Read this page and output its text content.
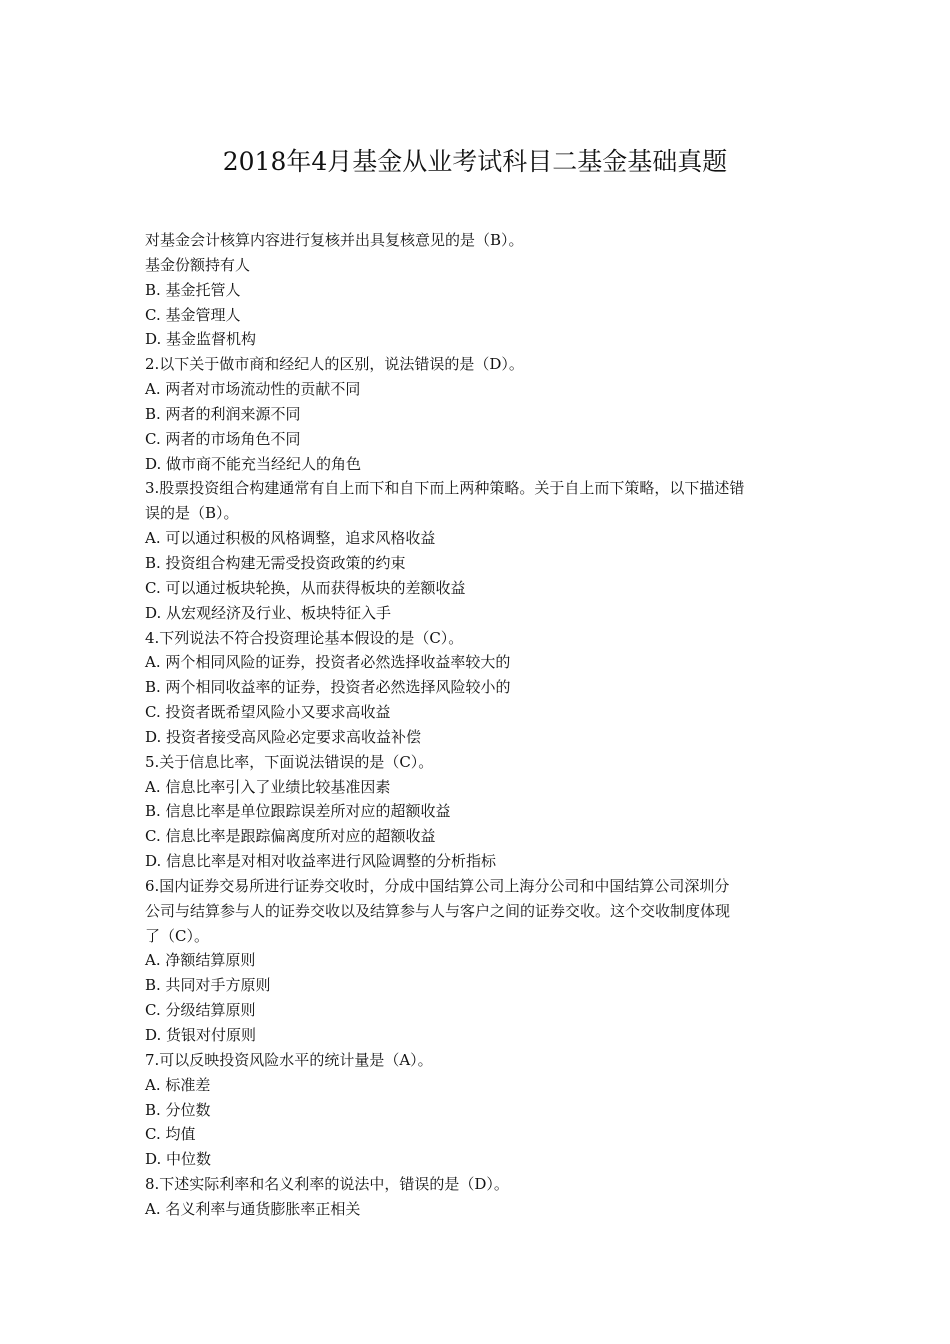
2018年4月基金从业考试科目二基金基础真题

对基金会计核算内容进行复核并出具复核意见的是（B）。

基金份额持有人

B. 基金托管人

C. 基金管理人

D. 基金监督机构

2.以下关于做市商和经纪人的区别，说法错误的是（D）。

A. 两者对市场流动性的贡献不同

B. 两者的利润来源不同

C. 两者的市场角色不同

D. 做市商不能充当经纪人的角色

3.股票投资组合构建通常有自上而下和自下而上两种策略。关于自上而下策略，以下描述错

误的是（B）。

A. 可以通过积极的风格调整，追求风格收益

B. 投资组合构建无需受投资政策的约束

C. 可以通过板块轮换，从而获得板块的差额收益

D. 从宏观经济及行业、板块特征入手

4.下列说法不符合投资理论基本假设的是（C）。

A. 两个相同风险的证券，投资者必然选择收益率较大的

B. 两个相同收益率的证券，投资者必然选择风险较小的

C. 投资者既希望风险小又要求高收益

D. 投资者接受高风险必定要求高收益补偿

5.关于信息比率，下面说法错误的是（C）。

A. 信息比率引入了业绩比较基准因素

B. 信息比率是单位跟踪误差所对应的超额收益

C. 信息比率是跟踪偏离度所对应的超额收益

D. 信息比率是对相对收益率进行风险调整的分析指标

6.国内证券交易所进行证券交收时，分成中国结算公司上海分公司和中国结算公司深圳分

公司与结算参与人的证券交收以及结算参与人与客户之间的证券交收。这个交收制度体现

了（C）。

A. 净额结算原则

B. 共同对手方原则

C. 分级结算原则

D. 货银对付原则

7.可以反映投资风险水平的统计量是（A）。

A. 标准差

B. 分位数

C. 均值

D. 中位数

8.下述实际利率和名义利率的说法中，错误的是（D）。

A. 名义利率与通货膨胀率正相关
